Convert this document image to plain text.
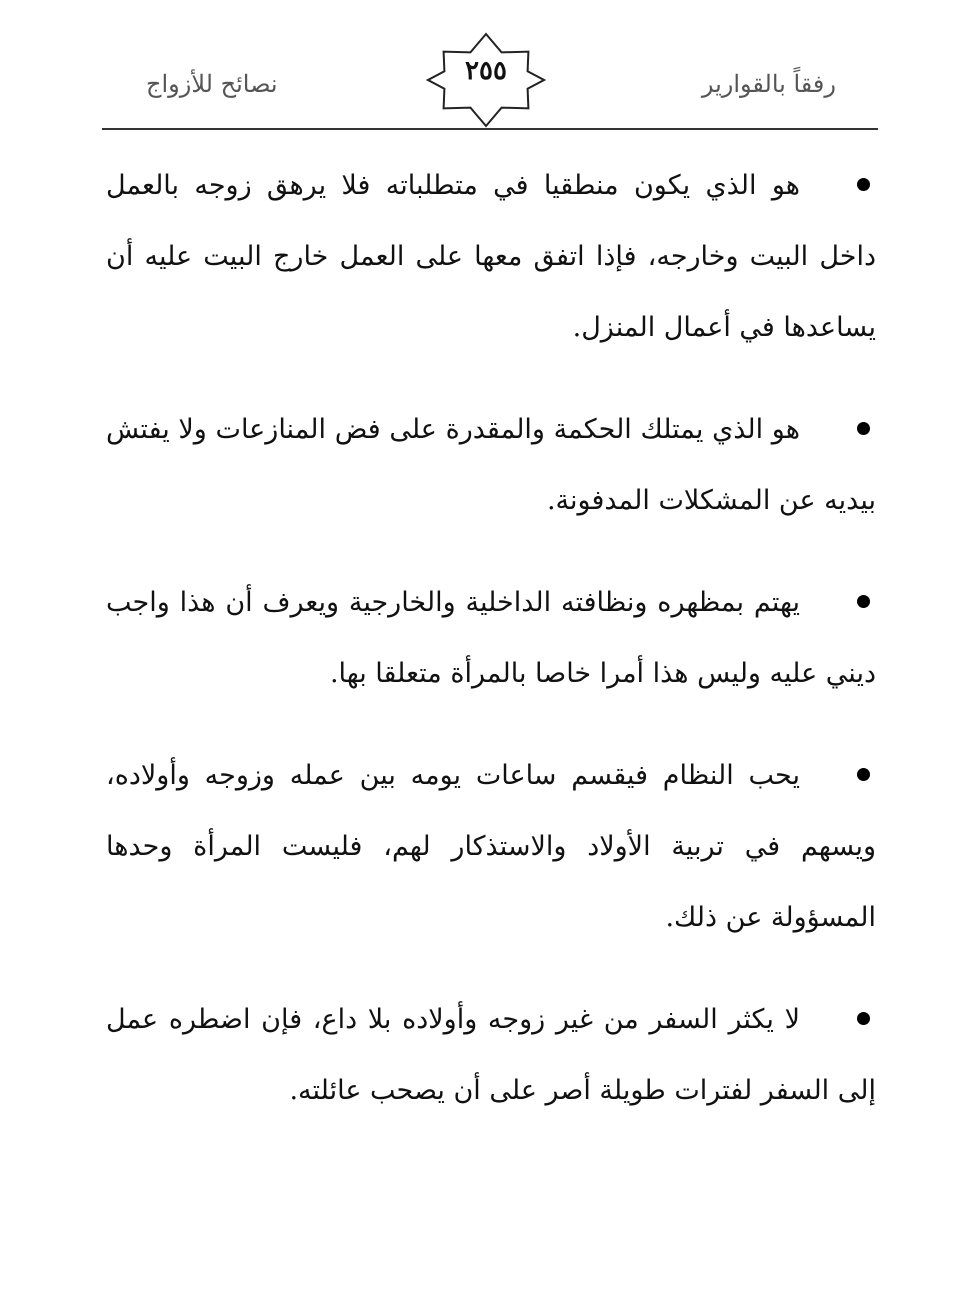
رفقاً بالقوارير
٢٥٥
نصائح للأزواج
هو الذي يكون منطقيا في متطلباته فلا يرهق زوجه بالعمل داخل البيت وخارجه، فإذا اتفق معها على العمل خارج البيت عليه أن يساعدها في أعمال المنزل.
هو الذي يمتلك الحكمة والمقدرة على فض المنازعات ولا يفتش بيديه عن المشكلات المدفونة.
يهتم بمظهره ونظافته الداخلية والخارجية ويعرف أن هذا واجب ديني عليه وليس هذا أمرا خاصا بالمرأة متعلقا بها.
يحب النظام فيقسم ساعات يومه بين عمله وزوجه وأولاده، ويسهم في تربية الأولاد والاستذكار لهم، فليست المرأة وحدها المسؤولة عن ذلك.
لا يكثر السفر من غير زوجه وأولاده بلا داع، فإن اضطره عمل إلى السفر لفترات طويلة أصر على أن يصحب عائلته.
